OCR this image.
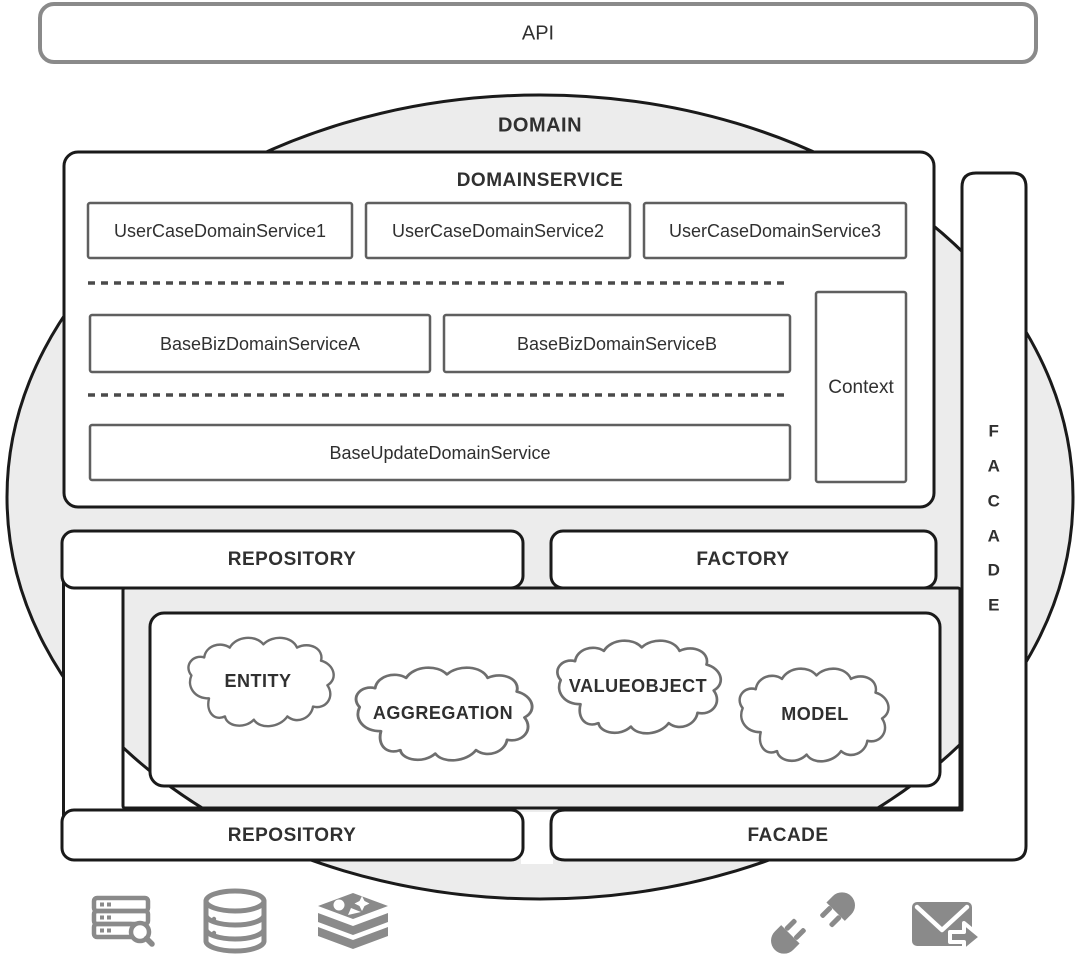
ENTITY
AGGREGATION
VALUEOBJECT
MODEL
REPOSITORY	FACTORY
REPOSITORY	FACADE
F
A
C
A
D
E
DOMAINSERVICE
UserCaseDomainService1	UserCaseDomainService2	UserCaseDomainService3
BaseBizDomainServiceA	BaseBizDomainServiceB
BaseUpdateDomainService
Context
DOMAIN
API
